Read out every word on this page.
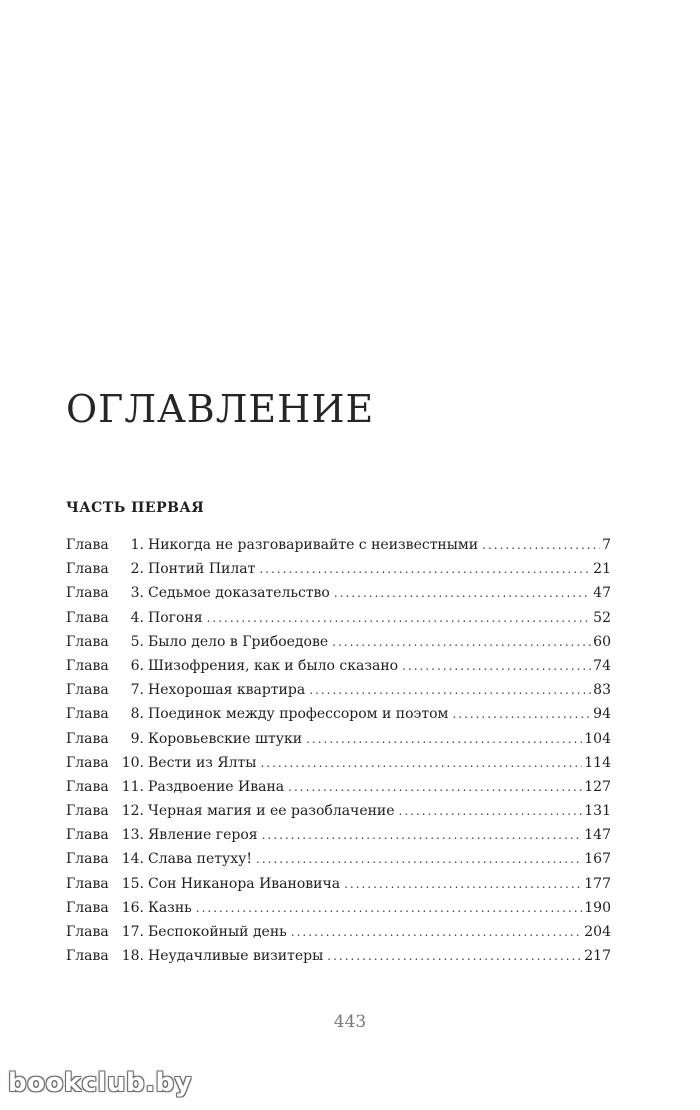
ОГЛАВЛЕНИЕ
ЧАСТЬ ПЕРВАЯ
Глава	1. Никогда не разговаривайте с неизвестными .....	7
Глава	2. Понтий Пилат .....	21
Глава	3. Седьмое доказательство .....	47
Глава	4. Погоня .....	52
Глава	5. Было дело в Грибоедове .....	60
Глава	6. Шизофрения, как и было сказано .....	74
Глава	7. Нехорошая квартира .....	83
Глава	8. Поединок между профессором и поэтом .....	94
Глава	9. Коровьевские штуки .....	104
Глава 10. Вести из Ялты .....	114
Глава 11. Раздвоение Ивана .....	127
Глава 12. Черная магия и ее разоблачение .....	131
Глава 13. Явление героя .....	147
Глава 14. Слава петуху! .....	167
Глава 15. Сон Никанора Ивановича .....	177
Глава 16. Казнь .....	190
Глава 17. Беспокойный день .....	204
Глава 18. Неудачливые визитеры .....	217
443
bookclub.by
